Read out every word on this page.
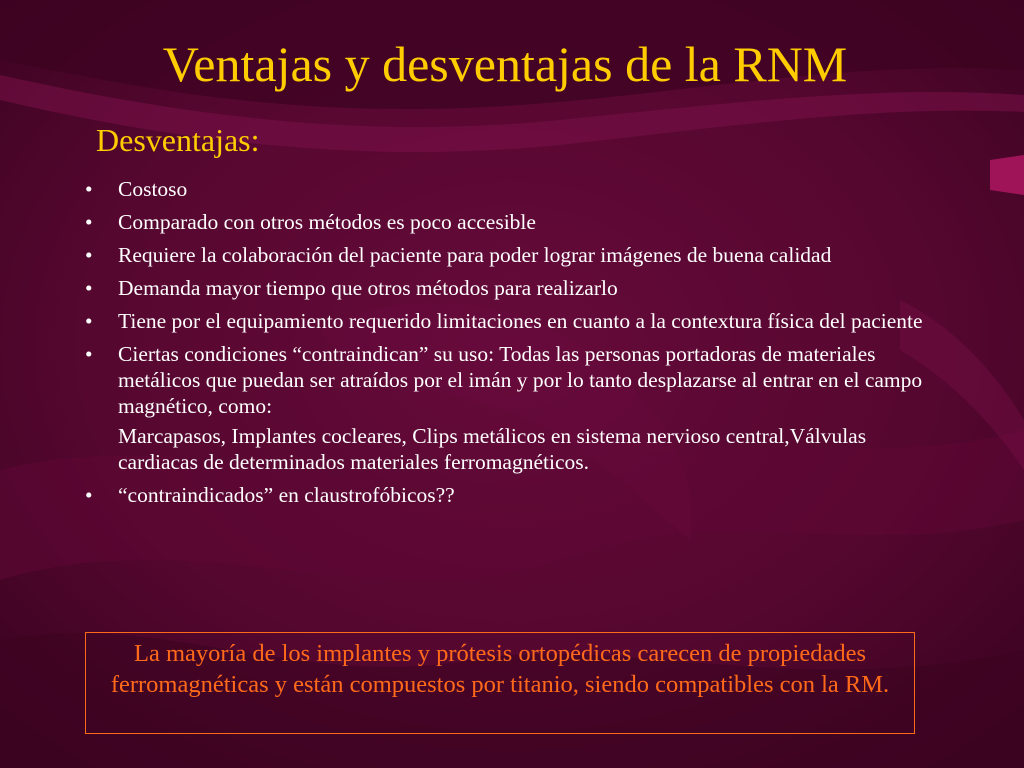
Ventajas y desventajas de la RNM
Desventajas:
• Costoso
• Comparado con otros métodos es poco accesible
• Requiere la colaboración del paciente para poder lograr imágenes de buena calidad
• Demanda mayor tiempo que otros métodos para realizarlo
• Tiene por el equipamiento requerido limitaciones en cuanto a la contextura física del paciente
• Ciertas condiciones “contraindican” su uso: Todas las personas portadoras de materiales metálicos que puedan ser atraídos por el imán y por lo tanto desplazarse al entrar en el campo magnético, como:
Marcapasos, Implantes cocleares, Clips metálicos en sistema nervioso central,Válvulas cardiacas de determinados materiales ferromagnéticos.
• “contraindicados” en claustrofóbicos??
La mayoría de los implantes y prótesis ortopédicas carecen de propiedades ferromagnéticas y están compuestos por titanio, siendo compatibles con la RM.
